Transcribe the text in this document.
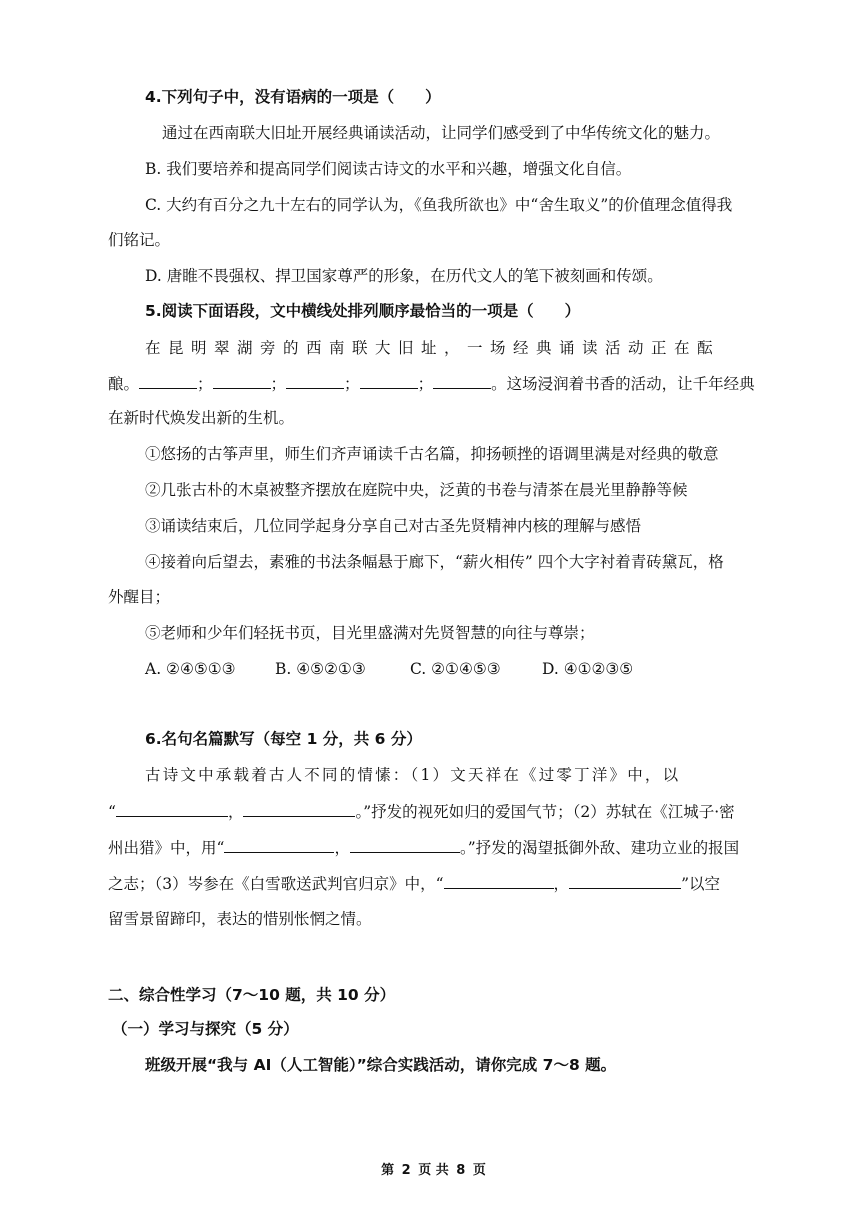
4.下列句子中，没有语病的一项是（　　）
通过在西南联大旧址开展经典诵读活动，让同学们感受到了中华传统文化的魅力。
B. 我们要培养和提高同学们阅读古诗文的水平和兴趣，增强文化自信。
C. 大约有百分之九十左右的同学认为，《鱼我所欲也》中“舍生取义”的价值理念值得我
们铭记。
D. 唐睢不畏强权、捍卫国家尊严的形象，在历代文人的笔下被刻画和传颂。
5.阅读下面语段，文中横线处排列顺序最恰当的一项是（　　）
在昆明翠湖旁的西南联大旧址，一场经典诵读活动正在酝
酿。	；	；	；	；	。这场浸润着书香的活动，让千年经典
在新时代焕发出新的生机。
①悠扬的古筝声里，师生们齐声诵读千古名篇，抑扬顿挫的语调里满是对经典的敬意
②几张古朴的木桌被整齐摆放在庭院中央，泛黄的书卷与清茶在晨光里静静等候
③诵读结束后，几位同学起身分享自己对古圣先贤精神内核的理解与感悟
④接着向后望去，素雅的书法条幅悬于廊下，“薪火相传” 四个大字衬着青砖黛瓦，格
外醒目；
⑤老师和少年们轻抚书页，目光里盛满对先贤智慧的向往与尊崇；
A. ②④⑤①③	B. ④⑤②①③	C. ②①④⑤③	D. ④①②③⑤
6.名句名篇默写（每空 1 分，共 6 分）
古诗文中承载着古人不同的情愫：（1）文天祥在《过零丁洋》中，以
“	，	。”抒发的视死如归的爱国气节；（2）苏轼在《江城子·密
州出猎》中，用“	，	。”抒发的渴望抵御外敌、建功立业的报国
之志；（3）岑参在《白雪歌送武判官归京》中，“	，	”以空
留雪景留蹄印，表达的惜别怅惘之情。
二、综合性学习（7～10 题，共 10 分）
（一）学习与探究（5 分）
班级开展“我与 AI（人工智能）”综合实践活动，请你完成 7～8 题。
第 2 页 共 8 页
